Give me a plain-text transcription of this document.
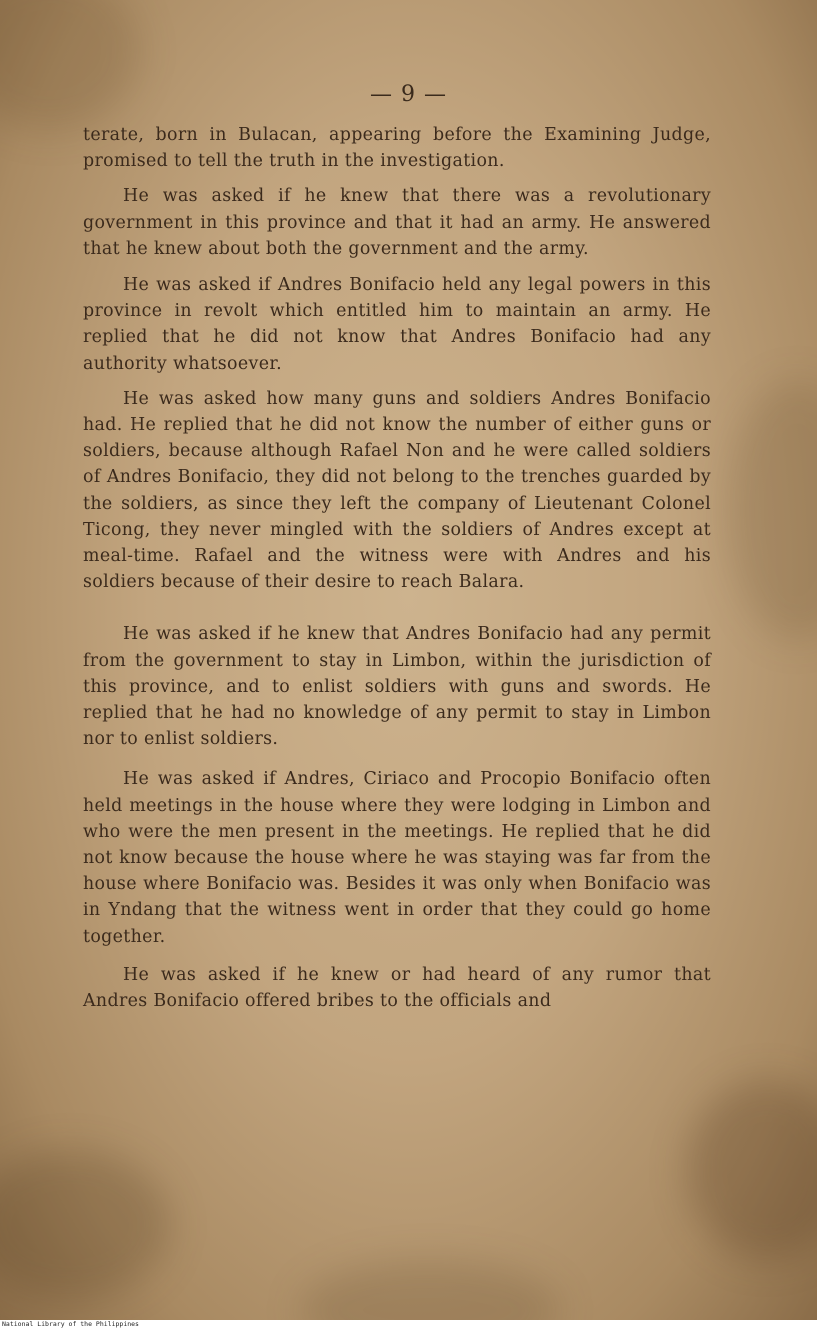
— 9 —

terate, born in Bulacan, appearing before the Examining Judge, promised to tell the truth in the investigation.

He was asked if he knew that there was a revolutionary government in this province and that it had an army. He answered that he knew about both the government and the army.

He was asked if Andres Bonifacio held any legal powers in this province in revolt which entitled him to maintain an army. He replied that he did not know that Andres Bonifacio had any authority whatsoever.

He was asked how many guns and soldiers Andres Bonifacio had. He replied that he did not know the number of either guns or soldiers, because although Rafael Non and he were called soldiers of Andres Bonifacio, they did not belong to the trenches guarded by the soldiers, as since they left the company of Lieutenant Colonel Ticong, they never mingled with the soldiers of Andres except at meal-time. Rafael and the witness were with Andres and his soldiers because of their desire to reach Balara.

He was asked if he knew that Andres Bonifacio had any permit from the government to stay in Limbon, within the jurisdiction of this province, and to enlist soldiers with guns and swords. He replied that he had no knowledge of any permit to stay in Limbon nor to enlist soldiers.

He was asked if Andres, Ciriaco and Procopio Bonifacio often held meetings in the house where they were lodging in Limbon and who were the men present in the meetings. He replied that he did not know because the house where he was staying was far from the house where Bonifacio was. Besides it was only when Bonifacio was in Yndang that the witness went in order that they could go home together.

He was asked if he knew or had heard of any rumor that Andres Bonifacio offered bribes to the officials and

National Library of the Philippines
